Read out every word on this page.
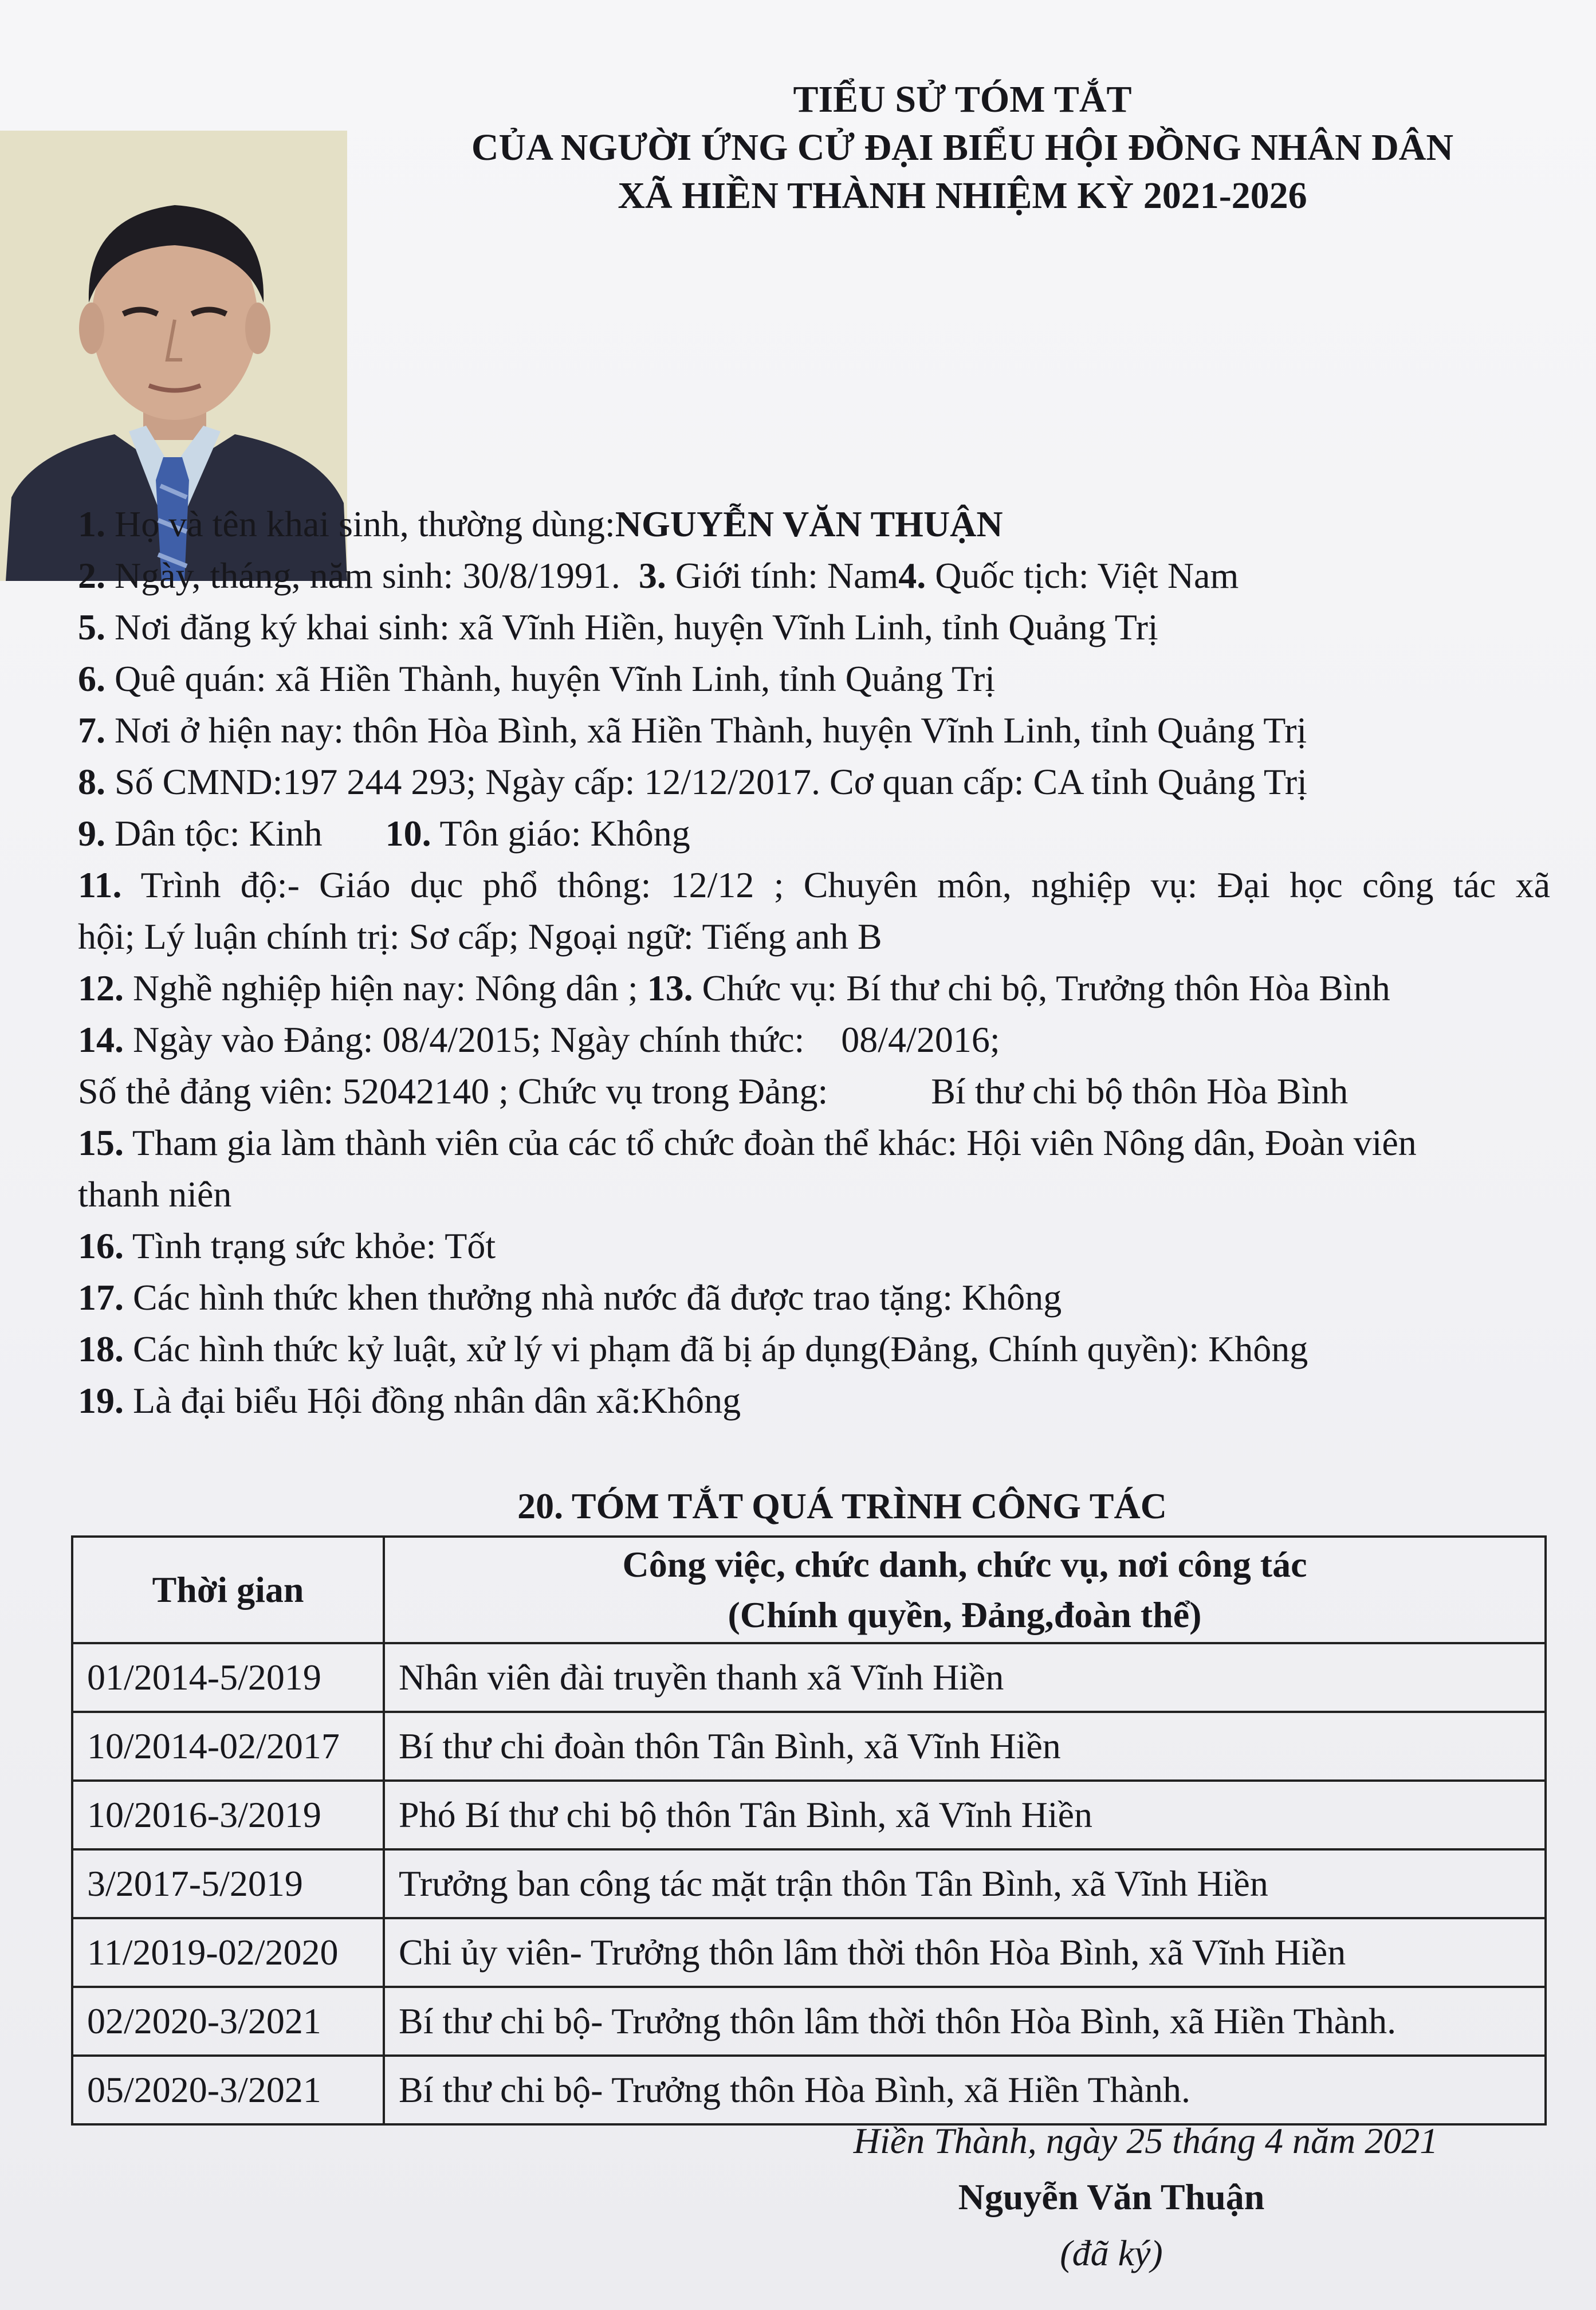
TIỂU SỬ TÓM TẮT
CỦA NGƯỜI ỨNG CỬ ĐẠI BIỂU HỘI ĐỒNG NHÂN DÂN
XÃ HIỀN THÀNH NHIỆM KỲ 2021-2026
1. Họ và tên khai sinh, thường dùng:NGUYỄN VĂN THUẬN
2. Ngày, tháng, năm sinh: 30/8/1991. 3. Giới tính: Nam4. Quốc tịch: Việt Nam
5. Nơi đăng ký khai sinh: xã Vĩnh Hiền, huyện Vĩnh Linh, tỉnh Quảng Trị
6. Quê quán: xã Hiền Thành, huyện Vĩnh Linh, tỉnh Quảng Trị
7. Nơi ở hiện nay: thôn Hòa Bình, xã Hiền Thành, huyện Vĩnh Linh, tỉnh Quảng Trị
8. Số CMND:197 244 293; Ngày cấp: 12/12/2017. Cơ quan cấp: CA tỉnh Quảng Trị
9. Dân tộc: Kinh 10. Tôn giáo: Không
11. Trình độ:- Giáo dục phổ thông: 12/12 ; Chuyên môn, nghiệp vụ: Đại học công tác xã
hội; Lý luận chính trị: Sơ cấp; Ngoại ngữ: Tiếng anh B
12. Nghề nghiệp hiện nay: Nông dân ; 13. Chức vụ: Bí thư chi bộ, Trưởng thôn Hòa Bình
14. Ngày vào Đảng: 08/4/2015; Ngày chính thức:    08/4/2016;
Số thẻ đảng viên: 52042140 ; Chức vụ trong Đảng:	Bí thư chi bộ thôn Hòa Bình
15. Tham gia làm thành viên của các tổ chức đoàn thể khác: Hội viên Nông dân, Đoàn viên
thanh niên
16. Tình trạng sức khỏe: Tốt
17. Các hình thức khen thưởng nhà nước đã được trao tặng: Không
18. Các hình thức kỷ luật, xử lý vi phạm đã bị áp dụng(Đảng, Chính quyền): Không
19. Là đại biểu Hội đồng nhân dân xã:Không
20. TÓM TẮT QUÁ TRÌNH CÔNG TÁC
Thời gian	Công việc, chức danh, chức vụ, nơi công tác
(Chính quyền, Đảng,đoàn thể)
01/2014-5/2019	Nhân viên đài truyền thanh xã Vĩnh Hiền
10/2014-02/2017	Bí thư chi đoàn thôn Tân Bình, xã Vĩnh Hiền
10/2016-3/2019	Phó Bí thư chi bộ thôn Tân Bình, xã Vĩnh Hiền
3/2017-5/2019	Trưởng ban công tác mặt trận thôn Tân Bình, xã Vĩnh Hiền
11/2019-02/2020	Chi ủy viên- Trưởng thôn lâm thời thôn Hòa Bình, xã Vĩnh Hiền
02/2020-3/2021	Bí thư chi bộ- Trưởng thôn lâm thời thôn Hòa Bình, xã Hiền Thành.
05/2020-3/2021	Bí thư chi bộ- Trưởng thôn Hòa Bình, xã Hiền Thành.
Hiền Thành, ngày 25 tháng 4 năm 2021
Nguyễn Văn Thuận
(đã ký)
